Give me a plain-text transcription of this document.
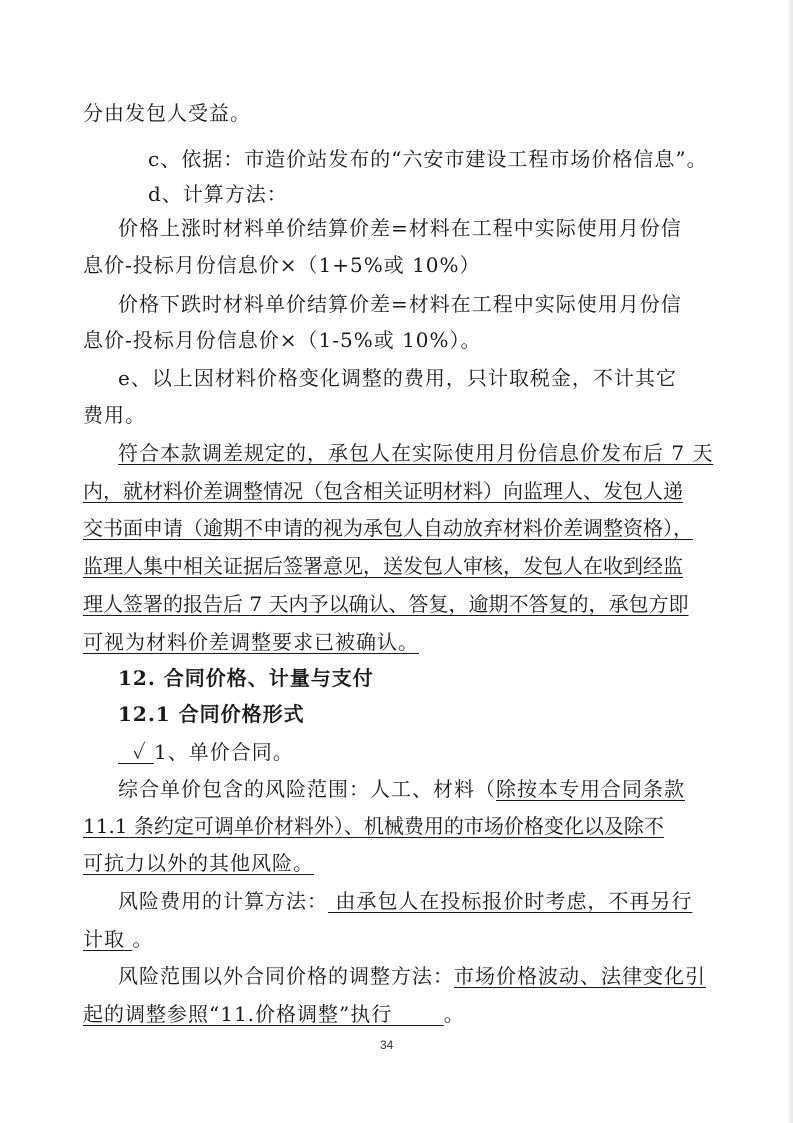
分由发包人受益。
c、依据：市造价站发布的“六安市建设工程市场价格信息”。
d、计算方法：
价格上涨时材料单价结算价差=材料在工程中实际使用月份信
息价-投标月份信息价×（1+5%或 10%）
价格下跌时材料单价结算价差=材料在工程中实际使用月份信
息价-投标月份信息价×（1-5%或 10%）。
e、以上因材料价格变化调整的费用，只计取税金，不计其它
费用。
符合本款调差规定的，承包人在实际使用月份信息价发布后 7 天
内，就材料价差调整情况（包含相关证明材料）向监理人、发包人递
交书面申请（逾期不申请的视为承包人自动放弃材料价差调整资格），
监理人集中相关证据后签署意见，送发包人审核，发包人在收到经监
理人签署的报告后 7 天内予以确认、答复，逾期不答复的，承包方即
可视为材料价差调整要求已被确认。
12. 合同价格、计量与支付
12.1 合同价格形式
✓ 1、单价合同。
综合单价包含的风险范围：人工、材料（除按本专用合同条款
11.1 条约定可调单价材料外）、机械费用的市场价格变化以及除不
可抗力以外的其他风险。
风险费用的计算方法： 由承包人在投标报价时考虑，不再另行
计取 。
风险范围以外合同价格的调整方法：市场价格波动、法律变化引
起的调整参照“11.价格调整”执行       。
34
